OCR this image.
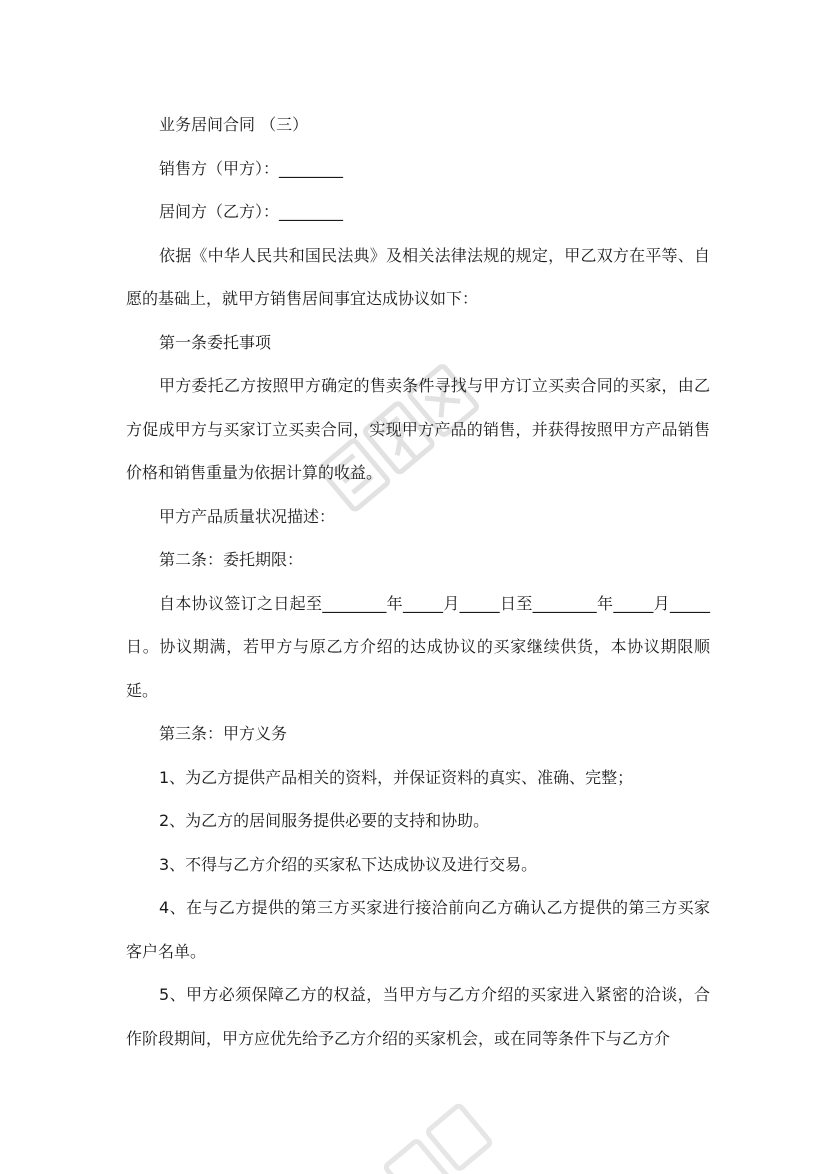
业务居间合同 （三）

销售方（甲方）：________

居间方（乙方）：________

依据《中华人民共和国民法典》及相关法律法规的规定，甲乙双方在平等、自愿的基础上，就甲方销售居间事宜达成协议如下：

第一条委托事项

甲方委托乙方按照甲方确定的售卖条件寻找与甲方订立买卖合同的买家，由乙方促成甲方与买家订立买卖合同，实现甲方产品的销售，并获得按照甲方产品销售价格和销售重量为依据计算的收益。

甲方产品质量状况描述：

第二条：委托期限：

自本协议签订之日起至________年_____月_____日至________年_____月_____日。协议期满，若甲方与原乙方介绍的达成协议的买家继续供货，本协议期限顺延。

第三条：甲方义务

1、为乙方提供产品相关的资料，并保证资料的真实、准确、完整；

2、为乙方的居间服务提供必要的支持和协助。

3、不得与乙方介绍的买家私下达成协议及进行交易。

4、在与乙方提供的第三方买家进行接洽前向乙方确认乙方提供的第三方买家客户名单。

5、甲方必须保障乙方的权益，当甲方与乙方介绍的买家进入紧密的洽谈，合作阶段期间，甲方应优先给予乙方介绍的买家机会，或在同等条件下与乙方介
